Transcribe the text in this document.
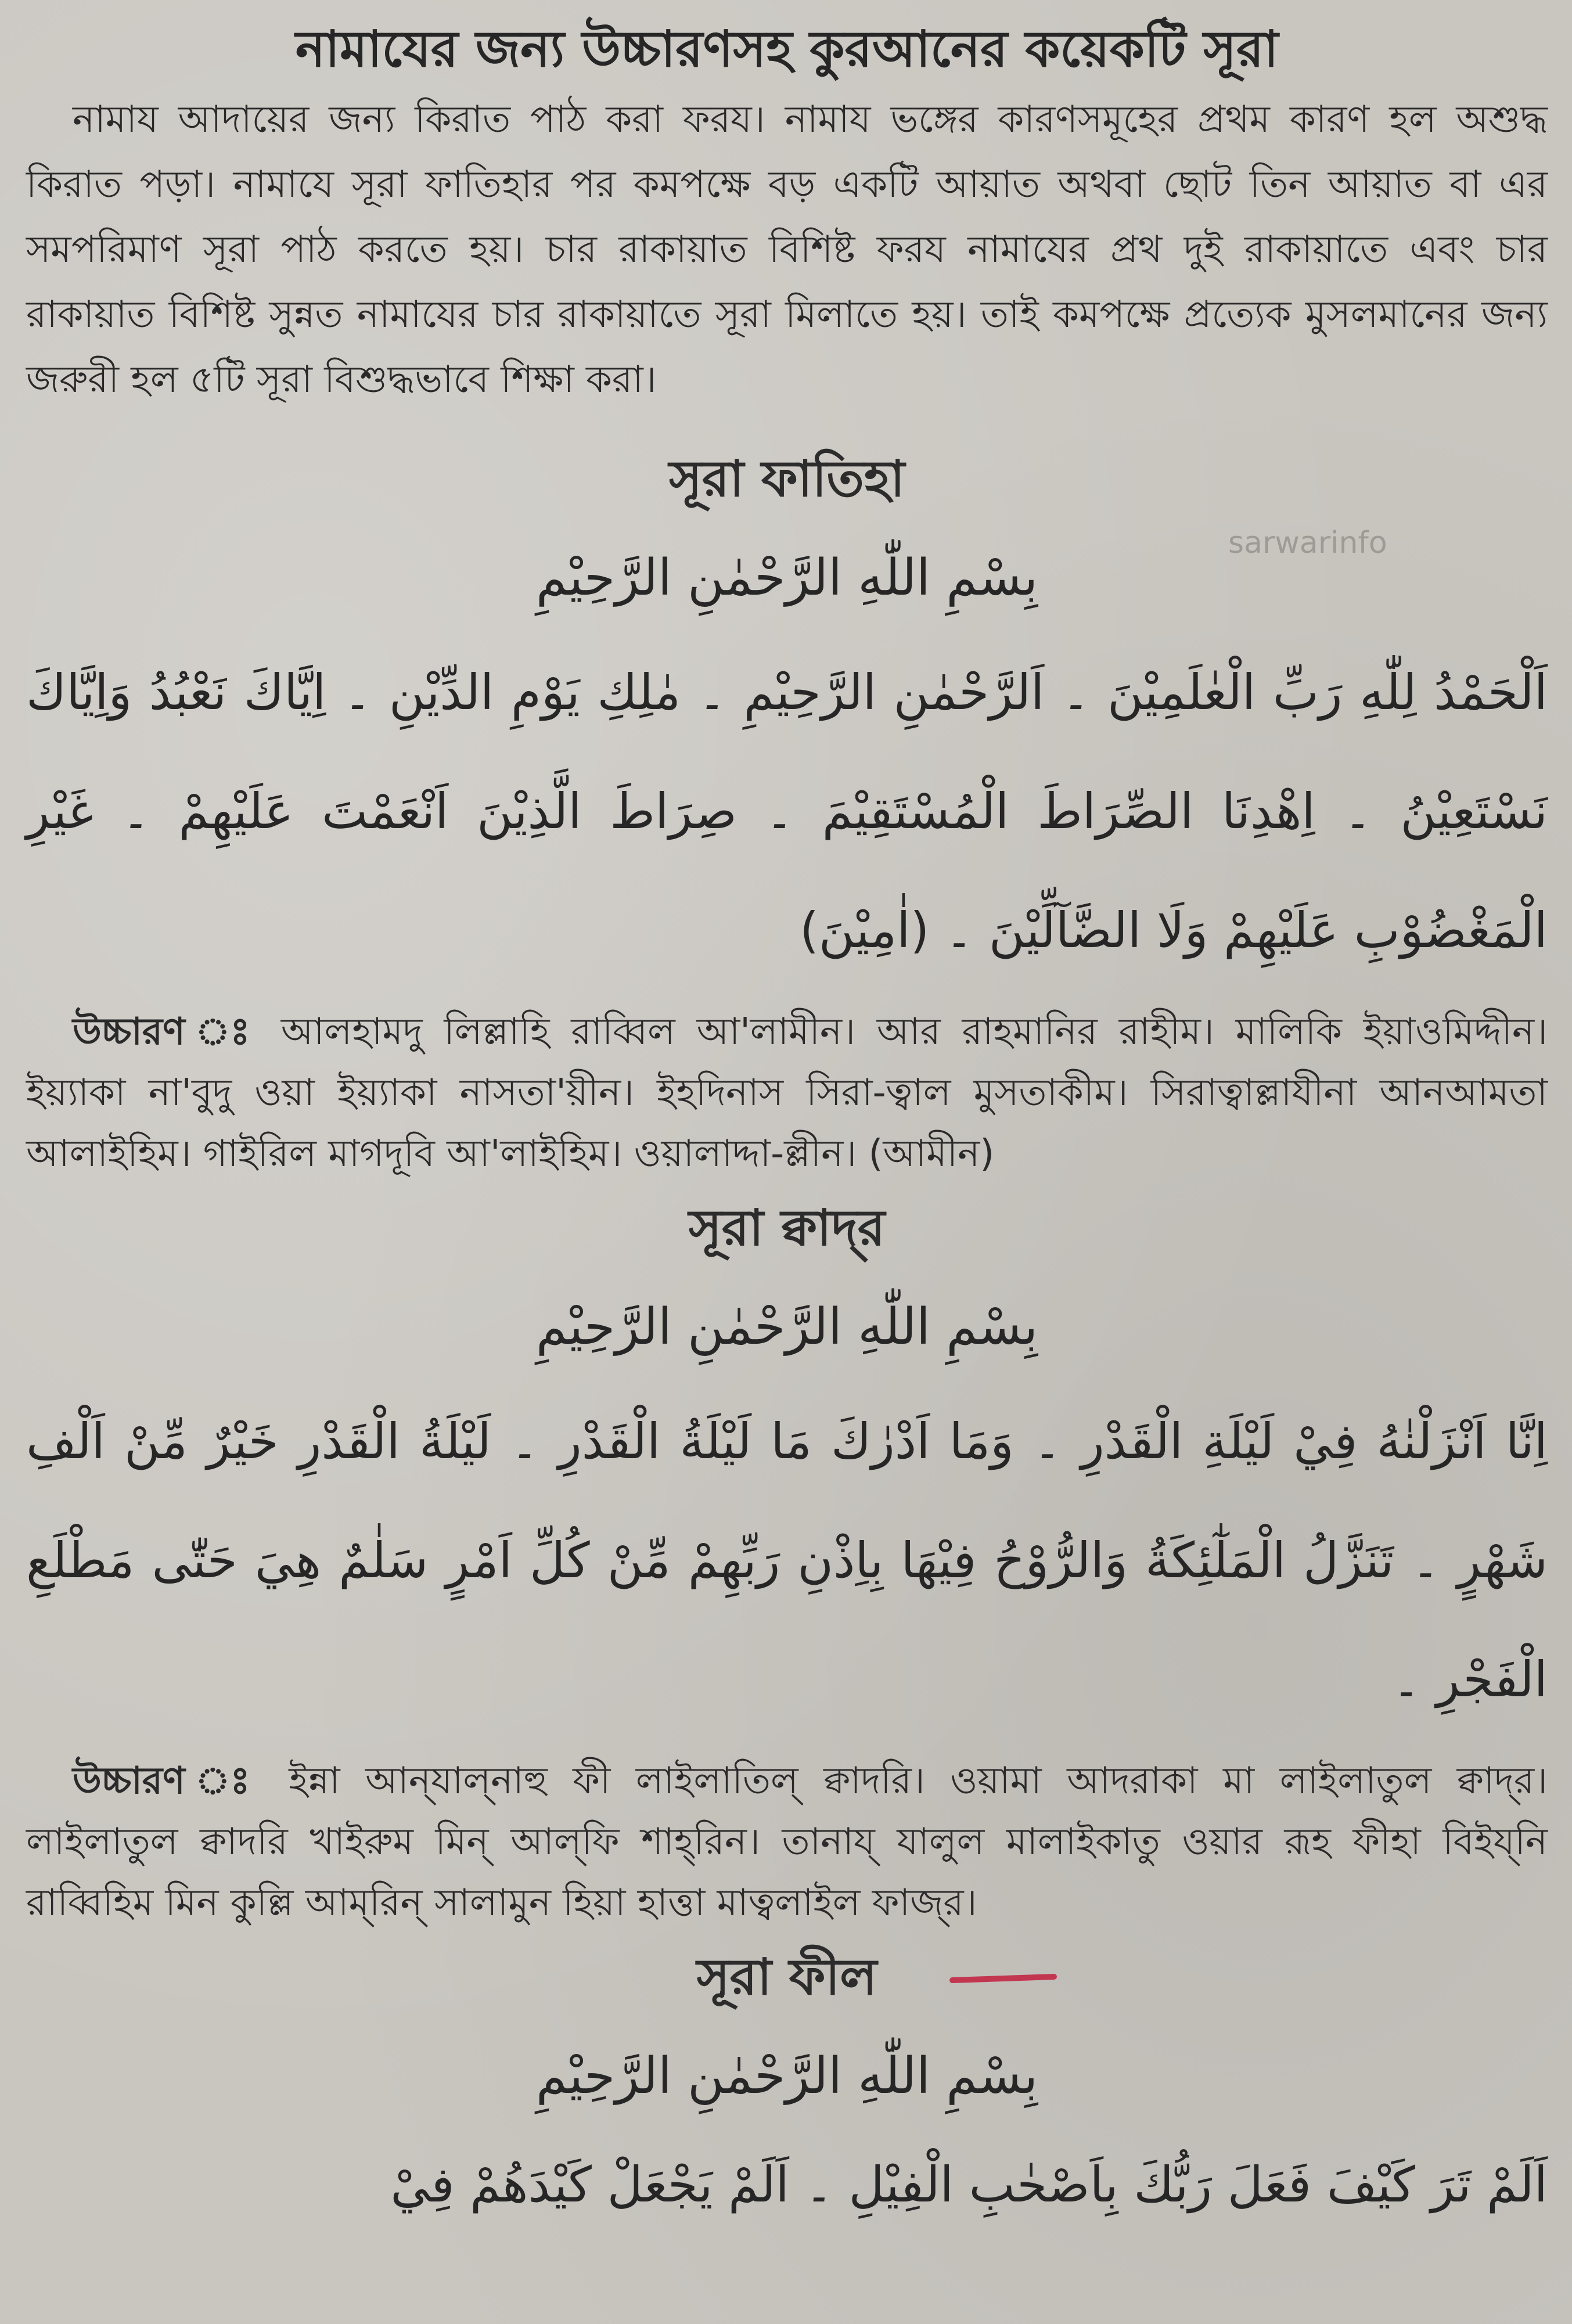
নামাযের জন্য উচ্চারণসহ কুরআনের কয়েকটি সূরা

নামায আদায়ের জন্য কিরাত পাঠ করা ফরয। নামায ভঙ্গের কারণসমূহের প্রথম কারণ হল অশুদ্ধ কিরাত পড়া। নামাযে সূরা ফাতিহার পর কমপক্ষে বড় একটি আয়াত অথবা ছোট তিন আয়াত বা এর সমপরিমাণ সূরা পাঠ করতে হয়। চার রাকায়াত বিশিষ্ট ফরয নামাযের প্রথ দুই রাকায়াতে এবং চার রাকায়াত বিশিষ্ট সুন্নত নামাযের চার রাকায়াতে সূরা মিলাতে হয়। তাই কমপক্ষে প্রত্যেক মুসলমানের জন্য জরুরী হল ৫টি সূরা বিশুদ্ধভাবে শিক্ষা করা।

sarwarinfo
সূরা ফাতিহা

بِسْمِ اللّٰهِ الرَّحْمٰنِ الرَّحِيْمِ

اَلْحَمْدُ لِلّٰهِ رَبِّ الْعٰلَمِيْنَ ۔ اَلرَّحْمٰنِ الرَّحِيْمِ ۔ مٰلِكِ يَوْمِ الدِّيْنِ ۔ اِيَّاكَ نَعْبُدُ وَاِيَّاكَ نَسْتَعِيْنُ ۔ اِهْدِنَا الصِّرَاطَ الْمُسْتَقِيْمَ ۔ صِرَاطَ الَّذِيْنَ اَنْعَمْتَ عَلَيْهِمْ ۔ غَيْرِ الْمَغْضُوْبِ عَلَيْهِمْ وَلَا الضَّآلِّيْنَ ۔ (اٰمِيْنَ)

উচ্চারণ ঃ আলহামদু লিল্লাহি রাব্বিল আ'লামীন। আর রাহমানির রাহীম। মালিকি ইয়াওমিদ্দীন। ইয়্যাকা না'বুদু ওয়া ইয়্যাকা নাসতা'য়ীন। ইহদিনাস সিরা-ত্বাল মুসতাকীম। সিরাত্বাল্লাযীনা আনআমতা আলাইহিম। গাইরিল মাগদূবি আ'লাইহিম। ওয়ালাদ্দা-ল্লীন। (আমীন)

সূরা ক্বাদ্‌র

بِسْمِ اللّٰهِ الرَّحْمٰنِ الرَّحِيْمِ

اِنَّا اَنْزَلْنٰهُ فِيْ لَيْلَةِ الْقَدْرِ ۔ وَمَا اَدْرٰكَ مَا لَيْلَةُ الْقَدْرِ ۔ لَيْلَةُ الْقَدْرِ خَيْرٌ مِّنْ اَلْفِ شَهْرٍ ۔ تَنَزَّلُ الْمَلٰٓئِكَةُ وَالرُّوْحُ فِيْهَا بِاِذْنِ رَبِّهِمْ مِّنْ كُلِّ اَمْرٍ سَلٰمٌ هِيَ حَتّٰى مَطْلَعِ الْفَجْرِ ۔

উচ্চারণ ঃ ইন্না আন্‌যাল্‌নাহু ফী লাইলাতিল্ ক্বাদরি। ওয়ামা আদরাকা মা লাইলাতুল ক্বাদ্‌র। লাইলাতুল ক্বাদরি খাইরুম মিন্ আল্‌ফি শাহ্‌রিন। তানায্‌ যালুল মালাইকাতু ওয়ার রূহ ফীহা বিইয্‌নি রাব্বিহিম মিন কুল্লি আম্‌রিন্ সালামুন হিয়া হাত্তা মাত্বলাইল ফাজ্‌র।

সূরা ফীল

بِسْمِ اللّٰهِ الرَّحْمٰنِ الرَّحِيْمِ

اَلَمْ تَرَ كَيْفَ فَعَلَ رَبُّكَ بِاَصْحٰبِ الْفِيْلِ ۔ اَلَمْ يَجْعَلْ كَيْدَهُمْ فِيْ
